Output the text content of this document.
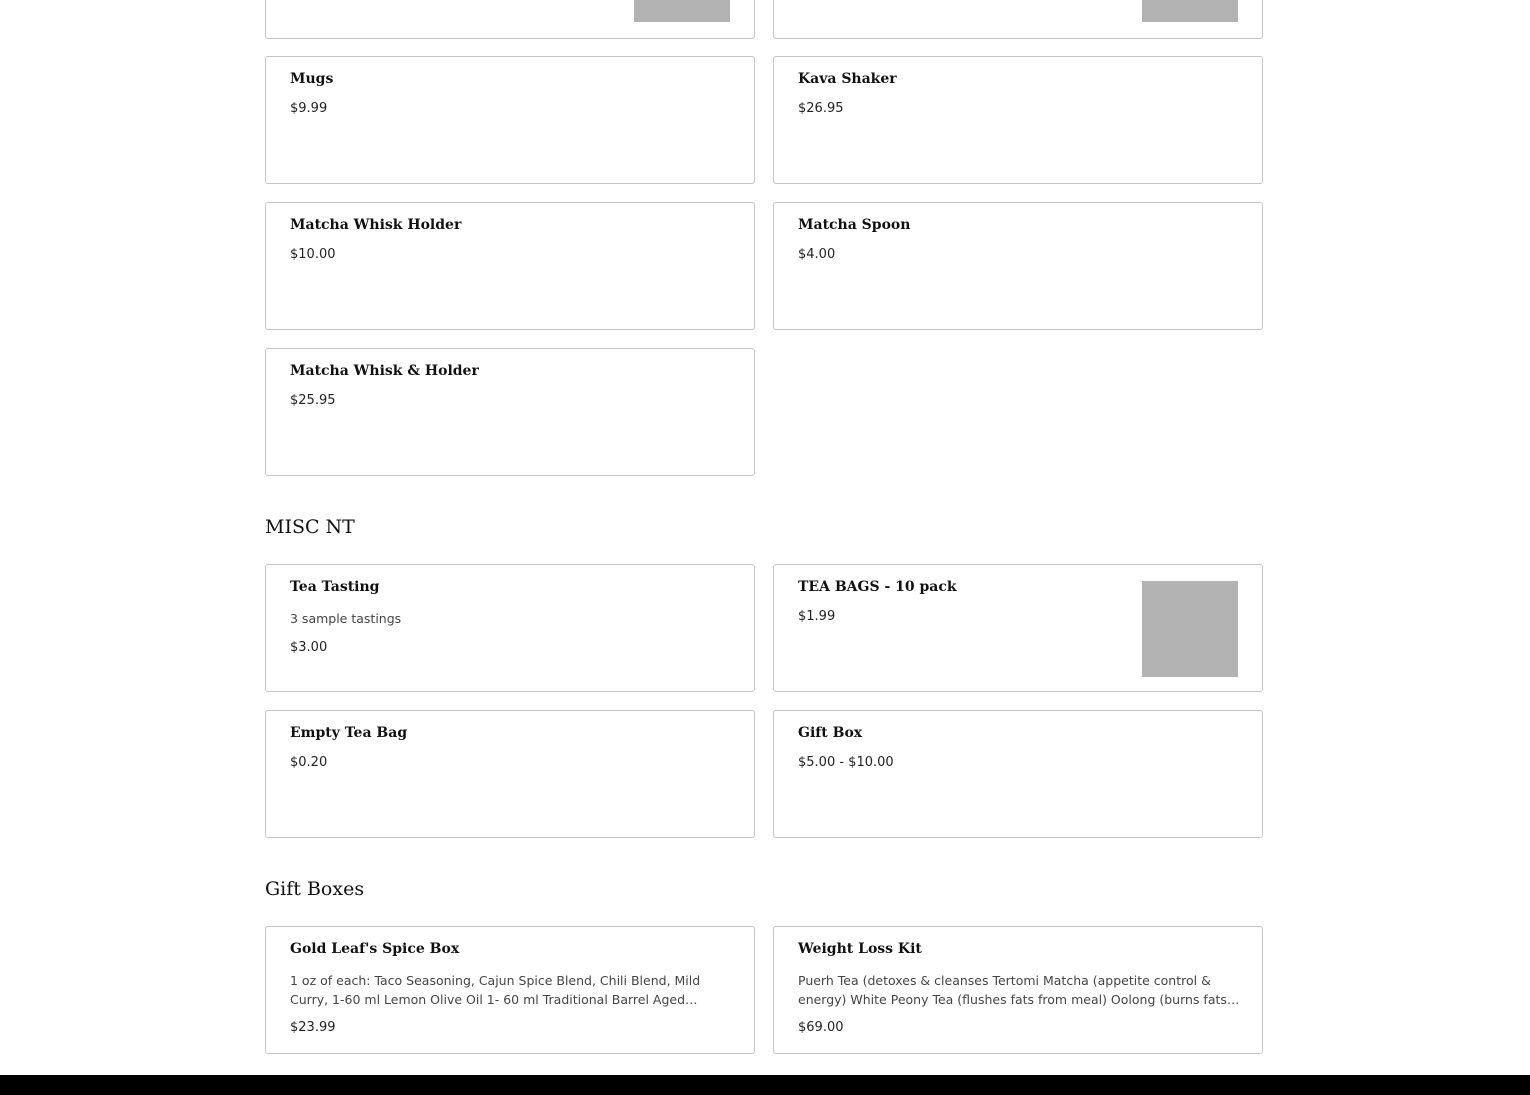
Mugs
$9.99
Kava Shaker
$26.95
Matcha Whisk Holder
$10.00
Matcha Spoon
$4.00
Matcha Whisk & Holder
$25.95
MISC NT
Tea Tasting
3 sample tastings
$3.00
TEA BAGS - 10 pack
$1.99
Empty Tea Bag
$0.20
Gift Box
$5.00 - $10.00
Gift Boxes
Gold Leaf's Spice Box
1 oz of each: Taco Seasoning, Cajun Spice Blend, Chili Blend, Mild Curry, 1-60 ml Lemon Olive Oil 1- 60 ml Traditional Barrel Aged
$23.99
Weight Loss Kit
Puerh Tea (detoxes & cleanses Tertomi Matcha (appetite control & energy) White Peony Tea (flushes fats from meal) Oolong (burns fats
$69.00
